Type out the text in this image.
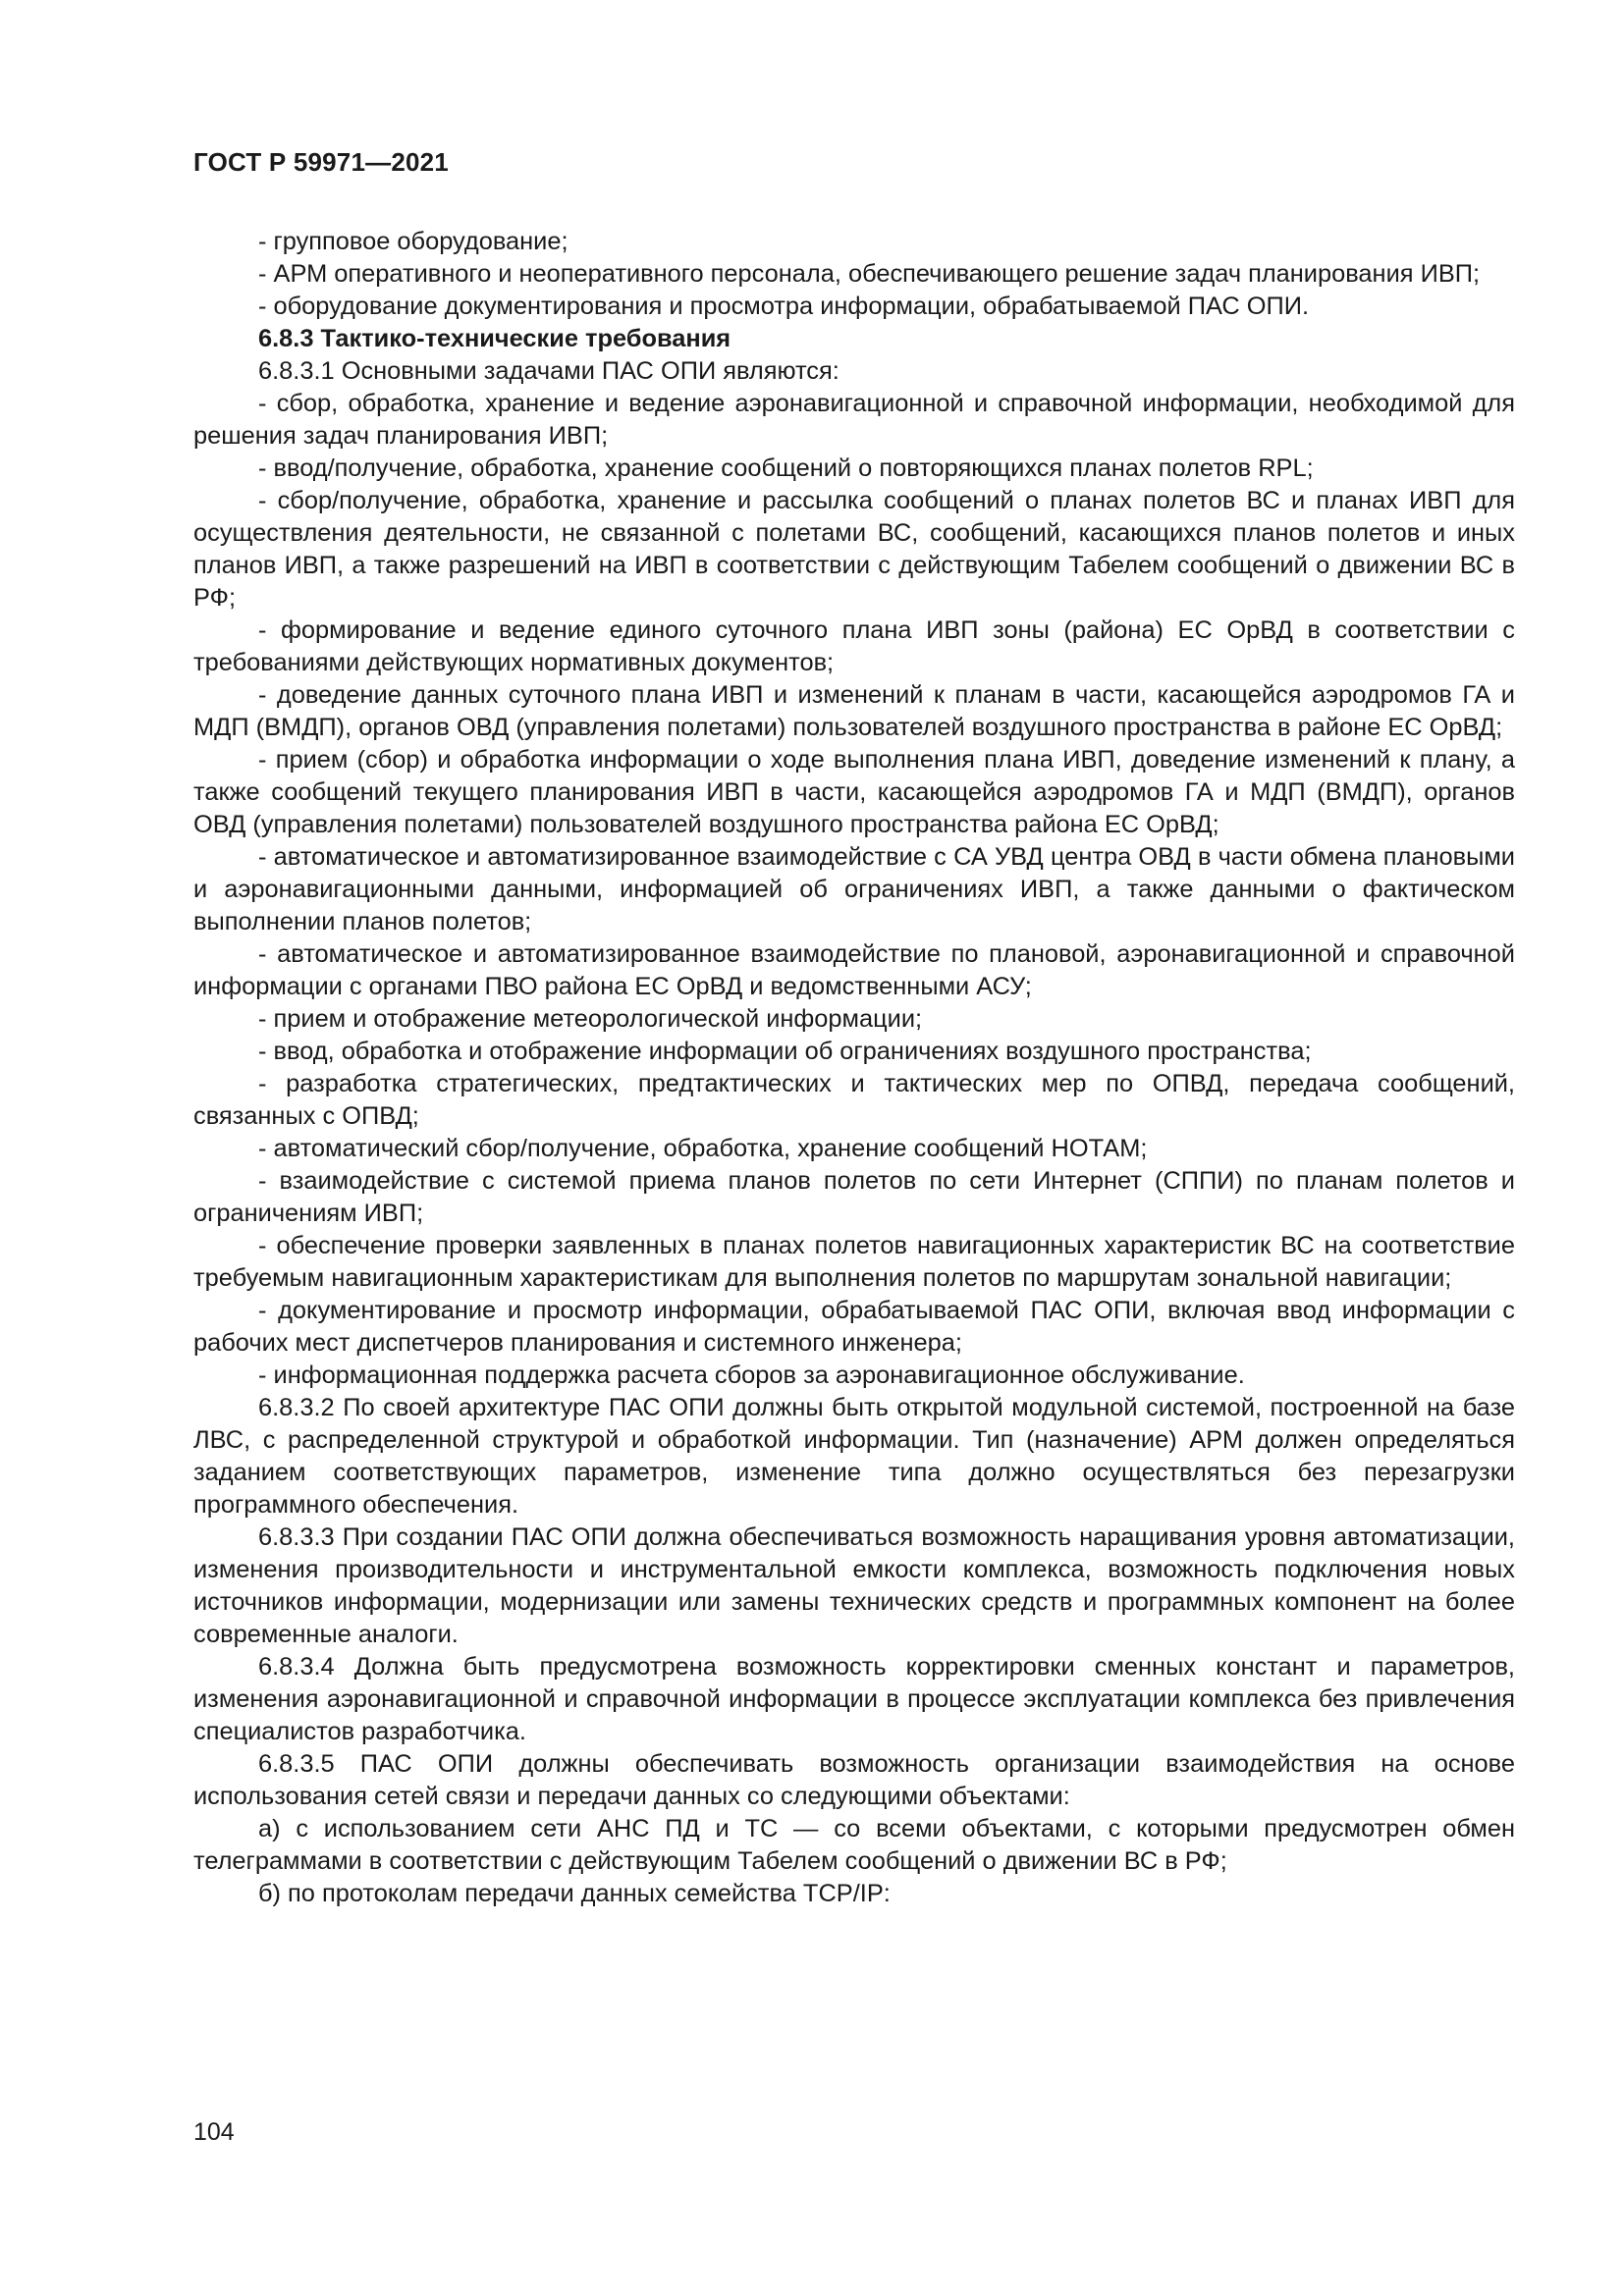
ГОСТ Р 59971—2021

- групповое оборудование;

- АРМ оперативного и неоперативного персонала, обеспечивающего решение задач планирования ИВП;

- оборудование документирования и просмотра информации, обрабатываемой ПАС ОПИ.

6.8.3 Тактико-технические требования

6.8.3.1 Основными задачами ПАС ОПИ являются:

- сбор, обработка, хранение и ведение аэронавигационной и справочной информации, необходимой для решения задач планирования ИВП;

- ввод/получение, обработка, хранение сообщений о повторяющихся планах полетов RPL;

- сбор/получение, обработка, хранение и рассылка сообщений о планах полетов ВС и планах ИВП для осуществления деятельности, не связанной с полетами ВС, сообщений, касающихся планов полетов и иных планов ИВП, а также разрешений на ИВП в соответствии с действующим Табелем сообщений о движении ВС в РФ;

- формирование и ведение единого суточного плана ИВП зоны (района) ЕС ОрВД в соответствии с требованиями действующих нормативных документов;

- доведение данных суточного плана ИВП и изменений к планам в части, касающейся аэродромов ГА и МДП (ВМДП), органов ОВД (управления полетами) пользователей воздушного пространства в районе ЕС ОрВД;

- прием (сбор) и обработка информации о ходе выполнения плана ИВП, доведение изменений к плану, а также сообщений текущего планирования ИВП в части, касающейся аэродромов ГА и МДП (ВМДП), органов ОВД (управления полетами) пользователей воздушного пространства района ЕС ОрВД;

- автоматическое и автоматизированное взаимодействие с СА УВД центра ОВД в части обмена плановыми и аэронавигационными данными, информацией об ограничениях ИВП, а также данными о фактическом выполнении планов полетов;

- автоматическое и автоматизированное взаимодействие по плановой, аэронавигационной и справочной информации с органами ПВО района ЕС ОрВД и ведомственными АСУ;

- прием и отображение метеорологической информации;

- ввод, обработка и отображение информации об ограничениях воздушного пространства;

- разработка стратегических, предтактических и тактических мер по ОПВД, передача сообщений, связанных с ОПВД;

- автоматический сбор/получение, обработка, хранение сообщений НОТАМ;

- взаимодействие с системой приема планов полетов по сети Интернет (СППИ) по планам полетов и ограничениям ИВП;

- обеспечение проверки заявленных в планах полетов навигационных характеристик ВС на соответствие требуемым навигационным характеристикам для выполнения полетов по маршрутам зональной навигации;

- документирование и просмотр информации, обрабатываемой ПАС ОПИ, включая ввод информации с рабочих мест диспетчеров планирования и системного инженера;

- информационная поддержка расчета сборов за аэронавигационное обслуживание.

6.8.3.2 По своей архитектуре ПАС ОПИ должны быть открытой модульной системой, построенной на базе ЛВС, с распределенной структурой и обработкой информации. Тип (назначение) АРМ должен определяться заданием соответствующих параметров, изменение типа должно осуществляться без перезагрузки программного обеспечения.

6.8.3.3 При создании ПАС ОПИ должна обеспечиваться возможность наращивания уровня автоматизации, изменения производительности и инструментальной емкости комплекса, возможность подключения новых источников информации, модернизации или замены технических средств и программных компонент на более современные аналоги.

6.8.3.4 Должна быть предусмотрена возможность корректировки сменных констант и параметров, изменения аэронавигационной и справочной информации в процессе эксплуатации комплекса без привлечения специалистов разработчика.

6.8.3.5 ПАС ОПИ должны обеспечивать возможность организации взаимодействия на основе использования сетей связи и передачи данных со следующими объектами:

а) с использованием сети АНС ПД и ТС — со всеми объектами, с которыми предусмотрен обмен телеграммами в соответствии с действующим Табелем сообщений о движении ВС в РФ;

б) по протоколам передачи данных семейства TCP/IP:

104
